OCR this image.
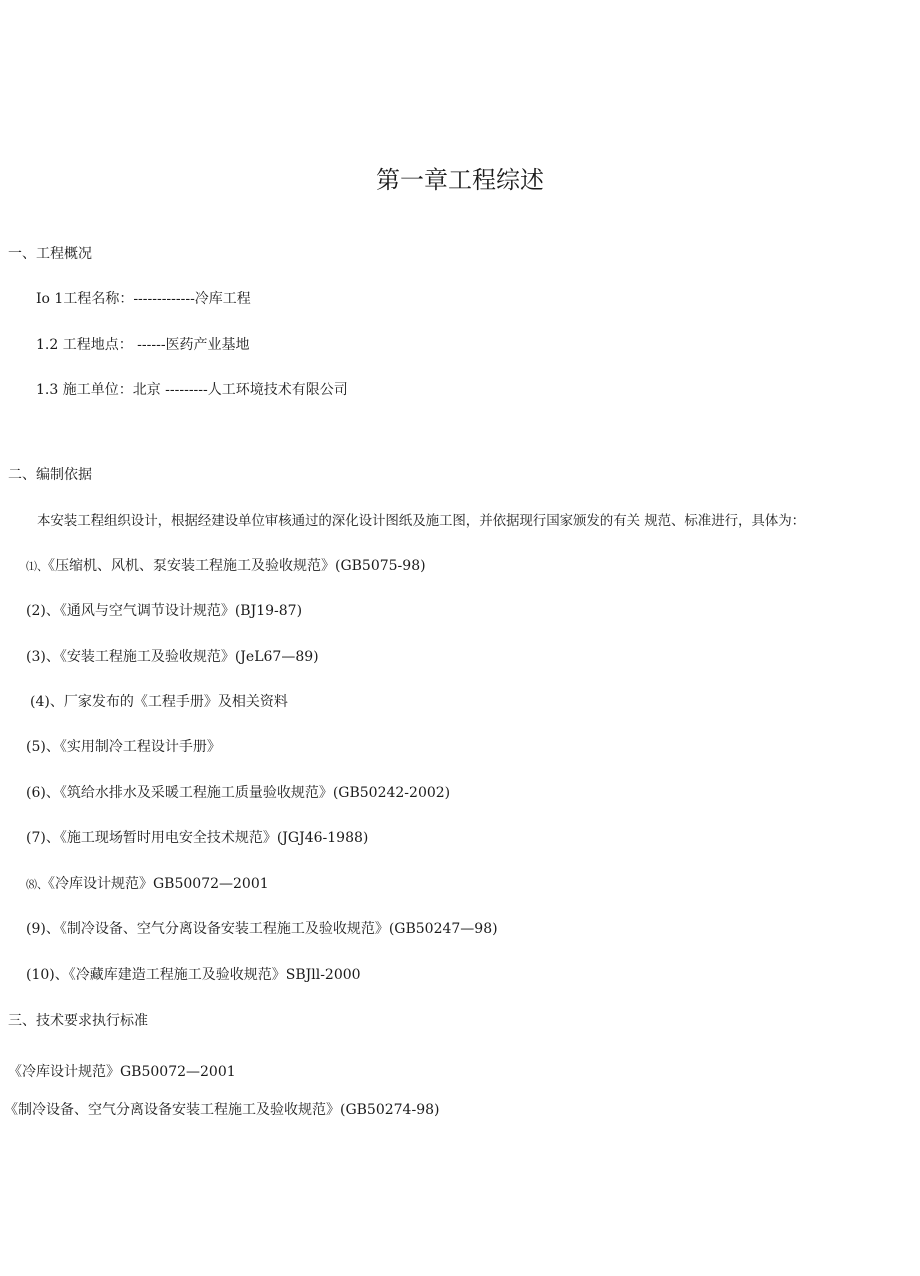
第一章工程综述
一、工程概况
Io 1工程名称：-------------冷库工程
1.2 工程地点： ------医药产业基地
1.3 施工单位：北京 ---------人工环境技术有限公司
二、编制依据
本安装工程组织设计，根据经建设单位审核通过的深化设计图纸及施工图，并依据现行国家颁发的有关 规范、标准进行，具体为：
⑴、《压缩机、风机、泵安装工程施工及验收规范》(GB5075-98)
(2)、《通风与空气调节设计规范》(BJ19-87)
(3)、《安装工程施工及验收规范》(JeL67—89)
(4)、厂家发布的《工程手册》及相关资料
(5)、《实用制冷工程设计手册》
(6)、《筑给水排水及采暖工程施工质量验收规范》(GB50242-2002)
(7)、《施工现场暂时用电安全技术规范》(JGJ46-1988)
⑻、《冷库设计规范》GB50072—2001
(9)、《制冷设备、空气分离设备安装工程施工及验收规范》(GB50247—98)
(10)、《冷藏库建造工程施工及验收规范》SBJll-2000
三、技术要求执行标准
《冷库设计规范》GB50072—2001
《制冷设备、空气分离设备安装工程施工及验收规范》(GB50274-98)
